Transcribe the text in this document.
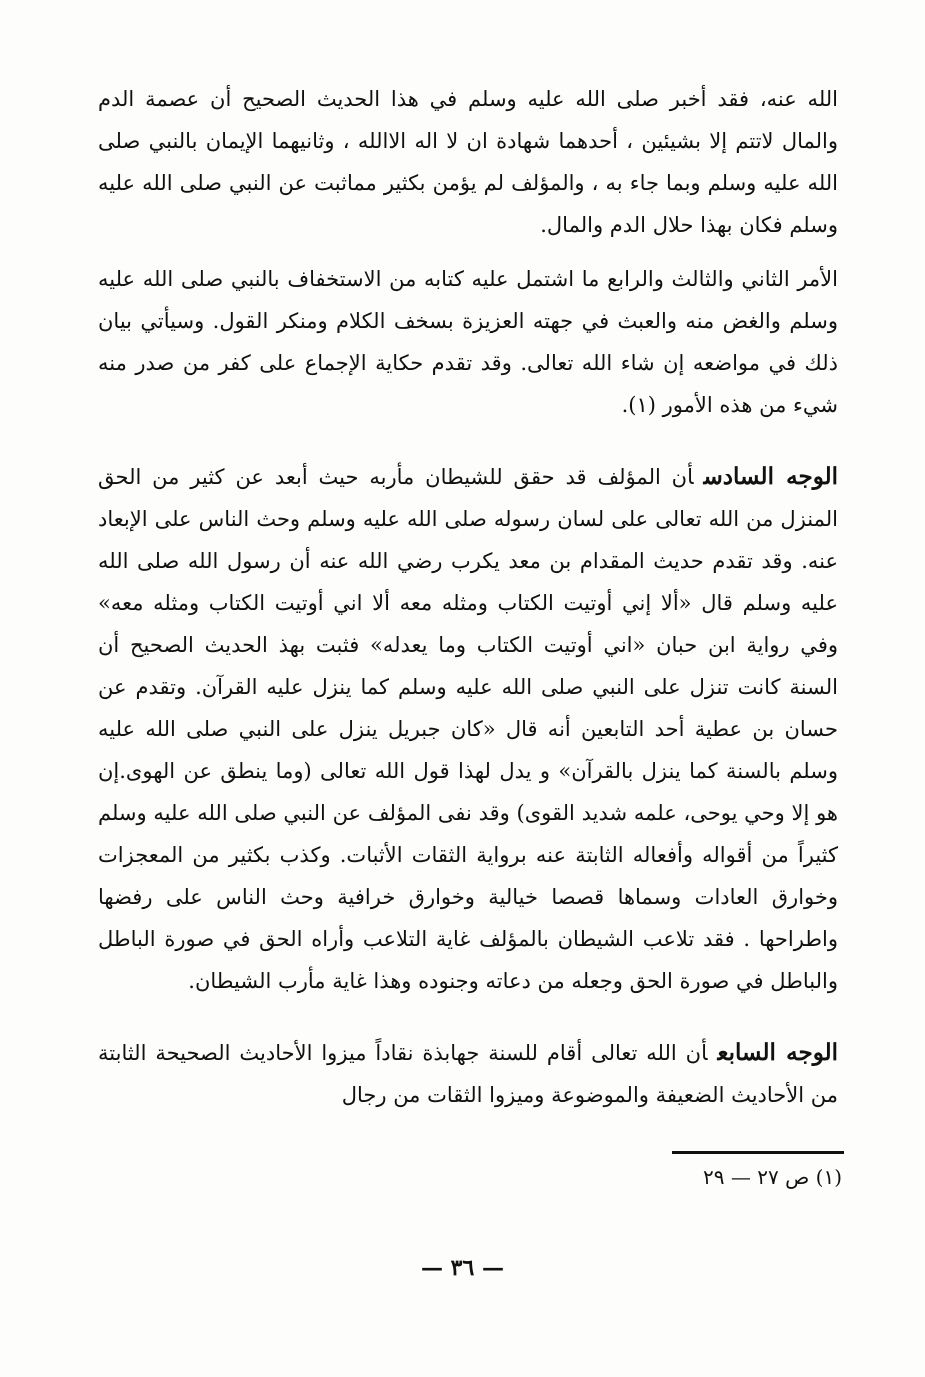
الله عنه، فقد أخبر صلى الله عليه وسلم في هذا الحديث الصحيح أن عصمة الدم والمال لاتتم إلا بشيئين ، أحدهما شهادة ان لا اله الاالله ، وثانيهما الإيمان بالنبي صلى الله عليه وسلم وبما جاء به ، والمؤلف لم يؤمن بكثير مماثبت عن النبي صلى الله عليه وسلم فكان بهذا حلال الدم والمال.

الأمر الثاني والثالث والرابع ما اشتمل عليه كتابه من الاستخفاف بالنبي صلى الله عليه وسلم والغض منه والعبث في جهته العزيزة بسخف الكلام ومنكر القول. وسيأتي بيان ذلك في مواضعه إن شاء الله تعالى. وقد تقدم حكاية الإجماع على كفر من صدر منه شيء من هذه الأمور (١).

الوجه السادسأن المؤلف قد حقق للشيطان مأربه حيث أبعد عن كثير من الحق المنزل من الله تعالى على لسان رسوله صلى الله عليه وسلم وحث الناس على الإبعاد عنه. وقد تقدم حديث المقدام بن معد يكرب رضي الله عنه أن رسول الله صلى الله عليه وسلم قال «ألا إني أوتيت الكتاب ومثله معه ألا اني أوتيت الكتاب ومثله معه» وفي رواية ابن حبان «اني أوتيت الكتاب وما يعدله» فثبت بهذ الحديث الصحيح أن السنة كانت تنزل على النبي صلى الله عليه وسلم كما ينزل عليه القرآن. وتقدم عن حسان بن عطية أحد التابعين أنه قال «كان جبريل ينزل على النبي صلى الله عليه وسلم بالسنة كما ينزل بالقرآن» و يدل لهذا قول الله تعالى (وما ينطق عن الهوى.إن هو إلا وحي يوحى، علمه شديد القوى) وقد نفى المؤلف عن النبي صلى الله عليه وسلم كثيراً من أقواله وأفعاله الثابتة عنه برواية الثقات الأثبات. وكذب بكثير من المعجزات وخوارق العادات وسماها قصصا خيالية وخوارق خرافية وحث الناس على رفضها واطراحها . فقد تلاعب الشيطان بالمؤلف غاية التلاعب وأراه الحق في صورة الباطل والباطل في صورة الحق وجعله من دعاته وجنوده وهذا غاية مأرب الشيطان.

الوجه السابعأن الله تعالى أقام للسنة جهابذة نقاداً ميزوا الأحاديث الصحيحة الثابتة من الأحاديث الضعيفة والموضوعة وميزوا الثقات من رجال

(١) ص ٢٧ — ٢٩
— ٣٦ —
